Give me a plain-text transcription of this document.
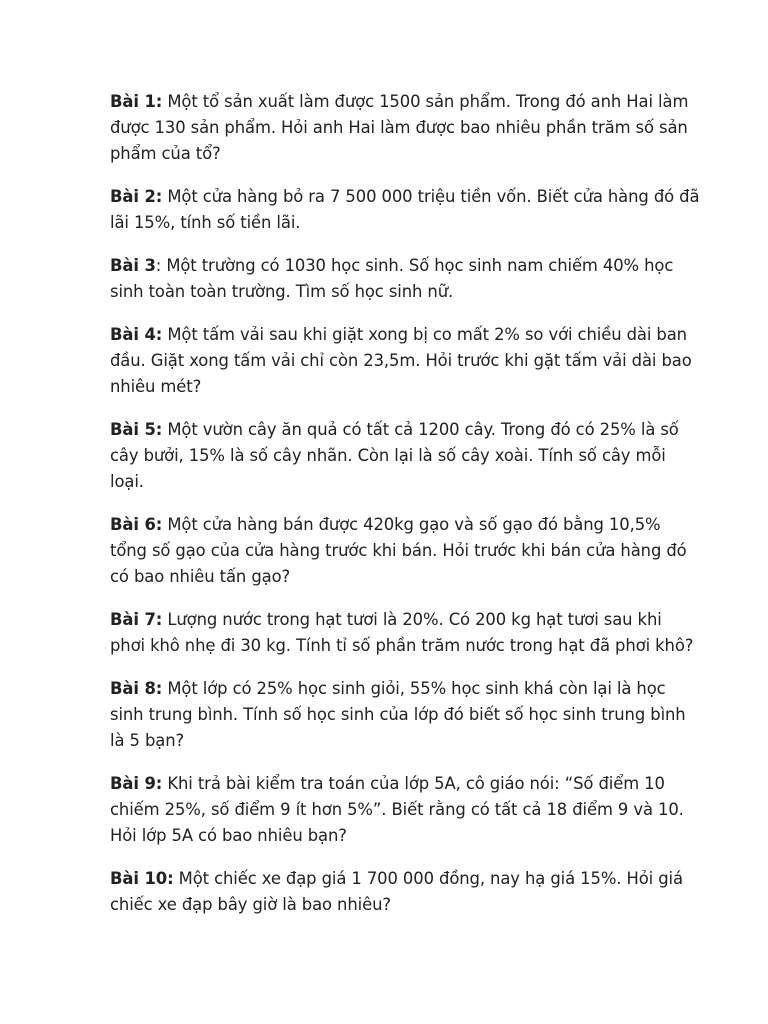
Bài 1: Một tổ sản xuất làm được 1500 sản phẩm. Trong đó anh Hai làm được 130 sản phẩm. Hỏi anh Hai làm được bao nhiêu phần trăm số sản phẩm của tổ?

Bài 2: Một cửa hàng bỏ ra 7 500 000 triệu tiền vốn. Biết cửa hàng đó đã lãi 15%, tính số tiền lãi.

Bài 3: Một trường có 1030 học sinh. Số học sinh nam chiếm 40% học sinh toàn toàn trường. Tìm số học sinh nữ.

Bài 4: Một tấm vải sau khi giặt xong bị co mất 2% so với chiều dài ban đầu. Giặt xong tấm vải chỉ còn 23,5m. Hỏi trước khi gặt tấm vải dài bao nhiêu mét?

Bài 5: Một vườn cây ăn quả có tất cả 1200 cây. Trong đó có 25% là số cây bưởi, 15% là số cây nhãn. Còn lại là số cây xoài. Tính số cây mỗi loại.

Bài 6: Một cửa hàng bán được 420kg gạo và số gạo đó bằng 10,5% tổng số gạo của cửa hàng trước khi bán. Hỏi trước khi bán cửa hàng đó có bao nhiêu tấn gạo?

Bài 7: Lượng nước trong hạt tươi là 20%. Có 200 kg hạt tươi sau khi phơi khô nhẹ đi 30 kg. Tính tỉ số phần trăm nước trong hạt đã phơi khô?

Bài 8: Một lớp có 25% học sinh giỏi, 55% học sinh khá còn lại là học sinh trung bình. Tính số học sinh của lớp đó biết số học sinh trung bình là 5 bạn?

Bài 9: Khi trả bài kiểm tra toán của lớp 5A, cô giáo nói: “Số điểm 10 chiếm 25%, số điểm 9 ít hơn 5%”. Biết rằng có tất cả 18 điểm 9 và 10. Hỏi lớp 5A có bao nhiêu bạn?

Bài 10: Một chiếc xe đạp giá 1 700 000 đồng, nay hạ giá 15%. Hỏi giá chiếc xe đạp bây giờ là bao nhiêu?
